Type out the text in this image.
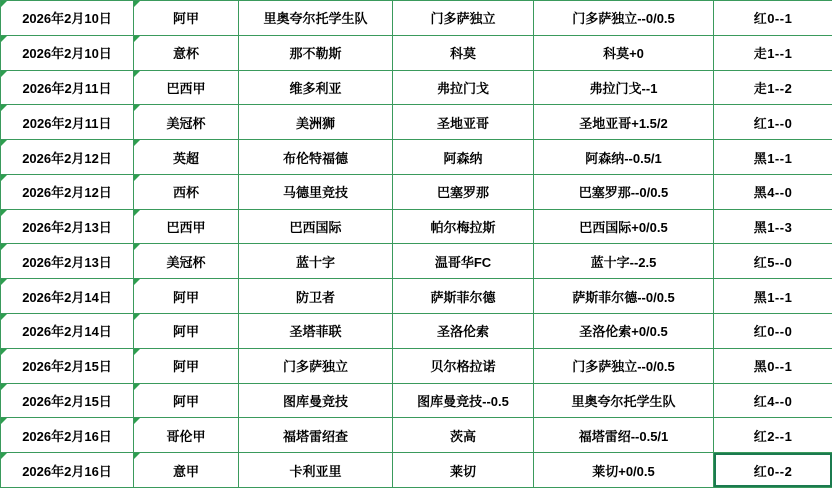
2026年2月10日	阿甲	里奥夸尔托学生队	门多萨独立	门多萨独立--0/0.5	红0--1
2026年2月10日	意杯	那不勒斯	科莫	科莫+0	走1--1
2026年2月11日	巴西甲	维多利亚	弗拉门戈	弗拉门戈--1	走1--2
2026年2月11日	美冠杯	美洲狮	圣地亚哥	圣地亚哥+1.5/2	红1--0
2026年2月12日	英超	布伦特福德	阿森纳	阿森纳--0.5/1	黑1--1
2026年2月12日	西杯	马德里竞技	巴塞罗那	巴塞罗那--0/0.5	黑4--0
2026年2月13日	巴西甲	巴西国际	帕尔梅拉斯	巴西国际+0/0.5	黑1--3
2026年2月13日	美冠杯	蓝十字	温哥华FC	蓝十字--2.5	红5--0
2026年2月14日	阿甲	防卫者	萨斯菲尔德	萨斯菲尔德--0/0.5	黑1--1
2026年2月14日	阿甲	圣塔菲联	圣洛伦索	圣洛伦索+0/0.5	红0--0
2026年2月15日	阿甲	门多萨独立	贝尔格拉诺	门多萨独立--0/0.5	黑0--1
2026年2月15日	阿甲	图库曼竞技	图库曼竞技--0.5	里奥夸尔托学生队	红4--0
2026年2月16日	哥伦甲	福塔雷绍查	茨高	福塔雷绍--0.5/1	红2--1
2026年2月16日	意甲	卡利亚里	莱切	莱切+0/0.5	红0--2
